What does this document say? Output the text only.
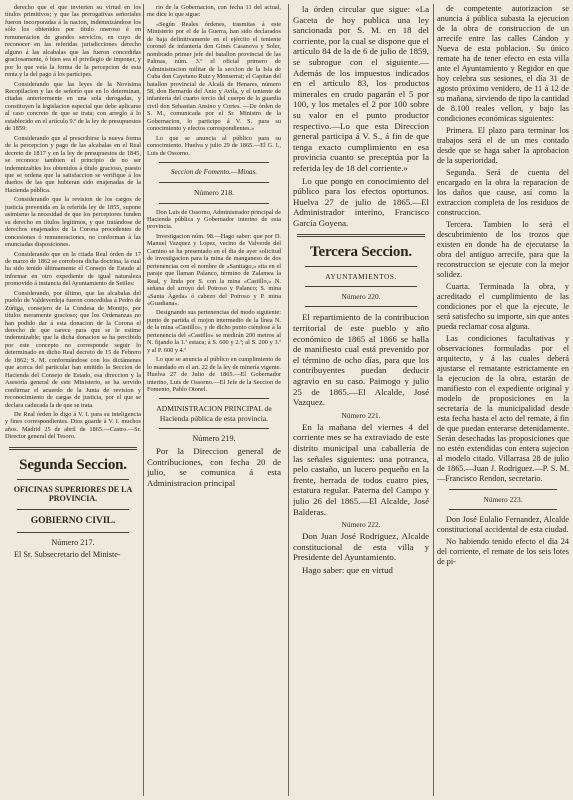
derecho que el que invierten su virtud en los títulos primitivos; y que las prerogativas señoriales fueron incorporadas á la nacion, indemnizándose los sólo los obtenidos por título oneroso é en remuneracion de grandes servicios, en cuyo de reconocer en las referidas jurisdicciones derecho alguno á las alcabalas que las fueron concedidas graciosamente, ó bien sea el privilegio de imponer, y por lo que veía la forma de la percepcion de esta renta y la del pago á los partícipes.

Considerando que las leyes de la Novísima Recopilacion y las de señorío que en lo determinan, citadas anteriormente en una sola derogadas, y constituyen la legislacion especial que debe aplicarse al caso concreto de que se trata; con arreglo á lo establecido en el artículo 9.º de la ley de presupuestos de 1859:

Considerando que al prescribirse la nueva forma de la percepcion y pago de las alcabalas en el Real decreto de 1817 y en la ley de presupuestos de 1845, se reconoce tambien el principio de no ser indemnizables los obtenidos á título gracioso, puesto que se ordena que la satisfaccion se verifique á los dueños de las que hubieran sido enajenadas de la Hacienda pública.

Considerando que la revision de los cargos de justicia prevenida en la referida ley de 1855, supone asimismo la necesidad de que los perceptores funden su derecho en títulos legítimos, y que tratándose de derechos enajenados de la Corona procedentes de concesiones ó remuneraciones, no conforman á las enunciadas disposiciones.

Considerando que en la citada Real órden de 17 de marzo de 1862 se corrobora dicha doctrina, la cual ha sido tenido últimamente el Consejo de Estado al informar en otro expediente de igual naturaleza promovido á instancia del Ayuntamiento de Setiles:

Considerando, por último, que las alcabalas del pueblo de Valdeverdeja fueron concedidas á Pedro de Zúñiga, consejero de la Condesa de Montijo, por títulos meramente gracioso; que los Ordenanzas no han podido dar á esta donacion de la Corona el derecho de que carece para que se le estime indemnizable; que la dicha donacion se ha percibido por este concepto no corresponde seguir lo determinado en dicho Real decreto de 15 de Febrero de 1862; S. M. conformándose con los dictámenes que acerca del particular han emitido la Seccion de Hacienda del Consejo de Estado, esa direccion y la Asesoría general de este Ministerio, se ha servido confirmar el acuerdo de la Junta de revision y reconocimiento de cargas de justicia, por el que se declara caducada la de que se trata.

De Real órden lo digo á V. I. para su inteligencia y fines correspondientes. Dios guarde á V. I. muchos años. Madrid 25 de abril de 1865.—Castro.—Sr. Director general del Tesoro.

Segunda Seccion.

OFICINAS SUPERIORES DE LA PROVINCIA.

GOBIERNO CIVIL.

Número 217.

El Sr. Subsecretario del Ministe-

rio de la Gobernacion, con fecha 11 del actual, me dice lo que sigue:

«Según Reales órdenes, trasmitas á este Ministerio por el de la Guerra, han sido declarados de baja definitivamente en el ejército el teniente coronel de infantería don Ginés Casanova y Soler, nombrado primer jefe del batallon provincial de las Palmas, núm. 3.º el oficial primero de Administracion militar de la seccion de la Isla de Cuba don Cayetano Ruiz y Monserrat; el Capitan del batallon provincial de Alcalá de Henares, número 58, don Bernardo del Anio y Avila, y el teniente de infantería del cuarto tercio del cuerpo de la guardia civil don Sebastian Ansino y Cortes. —De órden de S. M., comunicada por el Sr. Ministro de la Gobernacion, lo participo á V. S. para su conocimiento y efectos correspondientes.»

Lo que se anuncia al público para su conocimiento. Huelva y julio 29 de 1865.—El G. I., Luis de Ossorno.

Seccion de Fomento.—Minas.

Número 218.

Don Luis de Ossorno, Administrador principal de Hacienda pública y Gobernador interino de esta provincia.

Investigacion núm. 98.—Hago saber: que por D. Manuel Vazquez y Lopez, vecino de Valverde del Camino se ha presentado en el dia de ayer solicitud de investigacion para la mina de manganeso de dos pertenencias con el nombre de «Santiago,» sita en el paraje que llaman Palanco, término de Zalamea la Real, y linda por S. con la mina «Castillo,» N. señana del arroyo del Potroso y Palanco; S. mina «Santa Ágeda» ó cabezo del Potroso y P. mina «Guadiana».

Designando sus pertenencias del modo siguiente: punto de partida el mojon intermedio de la línea N. de la mina «Castillo», y de dicho punto ciéndose á la pertenencia del «Castillo» se medirán 200 metros al N. fijando la 1.ª estaca; á S. 600 y 2.ª; al S. 200 y 3.ª y al P. 600 y 4.ª

Lo que se anuncia al público en cumplimiento de lo mandado en el art. 22 de la ley de minería vigente. Huelva 27 de Julio de 1865.—El Gobernador interino, Luis de Ossorno.—El Jefe de la Seccion de Fomento, Pablo Otonel.

ADMINISTRACION PRINCIPAL de Hacienda pública de esta provincia.

Número 219.

Por la Direccion general de Contribuciones, con fecha 20 de julio, se comunica á esta Administracion principal

la órden circular que sigue: «La Gaceta de hoy publica una ley sancionada por S. M. en 18 del corriente, por la cual se dispone que el artículo 84 de la de 6 de julio de 1859, se subrogue con el siguiente.—Además de los impuestos indicados en el artículo 83, los productos minerales en crudo pagarán el 5 por 100, y los metales el 2 por 100 sobre su valor en el punto productor respectivo.—Lo que esta Direccion general participa á V. S., á fin de que tenga exacto cumplimiento en esa provincia cuanto se preceptúa por la referida ley de 18 del corriente.»

Lo que pongo en conocimiento del público para los efectos oportunos. Huelva 27 de julio de 1865.—El Administrador interino, Francisco García Goyena.

Tercera Seccion.

AYUNTAMIENTOS.

Número 220.

El repartimiento de la contribucion territorial de este pueblo y año económico de 1865 al 1866 se halla de manifiesto cual está prevenido por el término de ocho días, para que los contribuyentes puedan deducir agravio en su caso. Paimogo y julio 25 de 1865.—El Alcalde, José Vazquez.

Número 221.

En la mañana del viernes 4 del corriente mes se ha extraviado de este distrito municipal una caballería de las señales siguientes: una potranca, pelo castaño, un lucero pequeño en la frente, herrada de todos cuatro pies, estatura regular. Paterna del Campo y julio 26 del 1865.—El Alcalde, José Balderas.

Número 222.

Don Juan José Rodriguez, Alcalde constitucional de esta villa y Presidente del Ayuntamiento.

Hago saber: que en virtud

de competente autorizacion se anuncia á pública subasta la ejecucion de la obra de construccion de un arrecife entre las calles Cándon y Nueva de esta poblacion. Su único remate ha de tener efecto en esta villa ante el Ayuntamiento y Regidor en que hoy celebra sus sesiones, el día 31 de agosto próximo venidero, de 11 á 12 de su mañana, sirviendo de tipo la cantidad de 8.100 reales vellon, y bajo las condiciones económicas siguientes:

Primera. El plazo para terminar los trabajos será el de un mes contado desde que se haga saber la aprobacion de la superioridad.

Segunda. Será de cuenta del encargado en la obra la reparacion de los daños que cause, así como la extraccion completa de los residuos de construccion.

Tercera. Tambien lo será el descubrimiento de los trozos que existen en donde ha de ejecutarse la obra del antiguo arrecife, para que la reconstruccion se ejecute con la mejor solidez.

Cuarta. Terminada la obra, y acreditado el cumplimiento de las condiciones por el que la ejecute, le será satisfecho su importe, sin que antes pueda reclamar cosa alguna.

Las condiciones facultativas y observaciones formuladas por el arquitecto, y á las cuales deberá ajustarse el rematante estrictamente en la ejecucion de la obra, estarán de manifiesto con el expediente original y modelo de proposiciones en la secretaría de la municipalidad desde esta fecha hasta el acto del remate, á fin de que puedan enterarse detenidamente. Serán desechadas las proposiciones que no estén extendidas con entera sujecion al modelo citado. Villarrasa 28 de julio de 1865.—Juan J. Rodriguez.—P. S. M.—Francisco Rendon, secretario.

Número 223.

Don José Eulalio Fernandez, Alcalde constitucional accidental de esta ciudad.

No habiendo tenido efecto el dia 24 del corriente, el remate de los seis lotes de pi-
